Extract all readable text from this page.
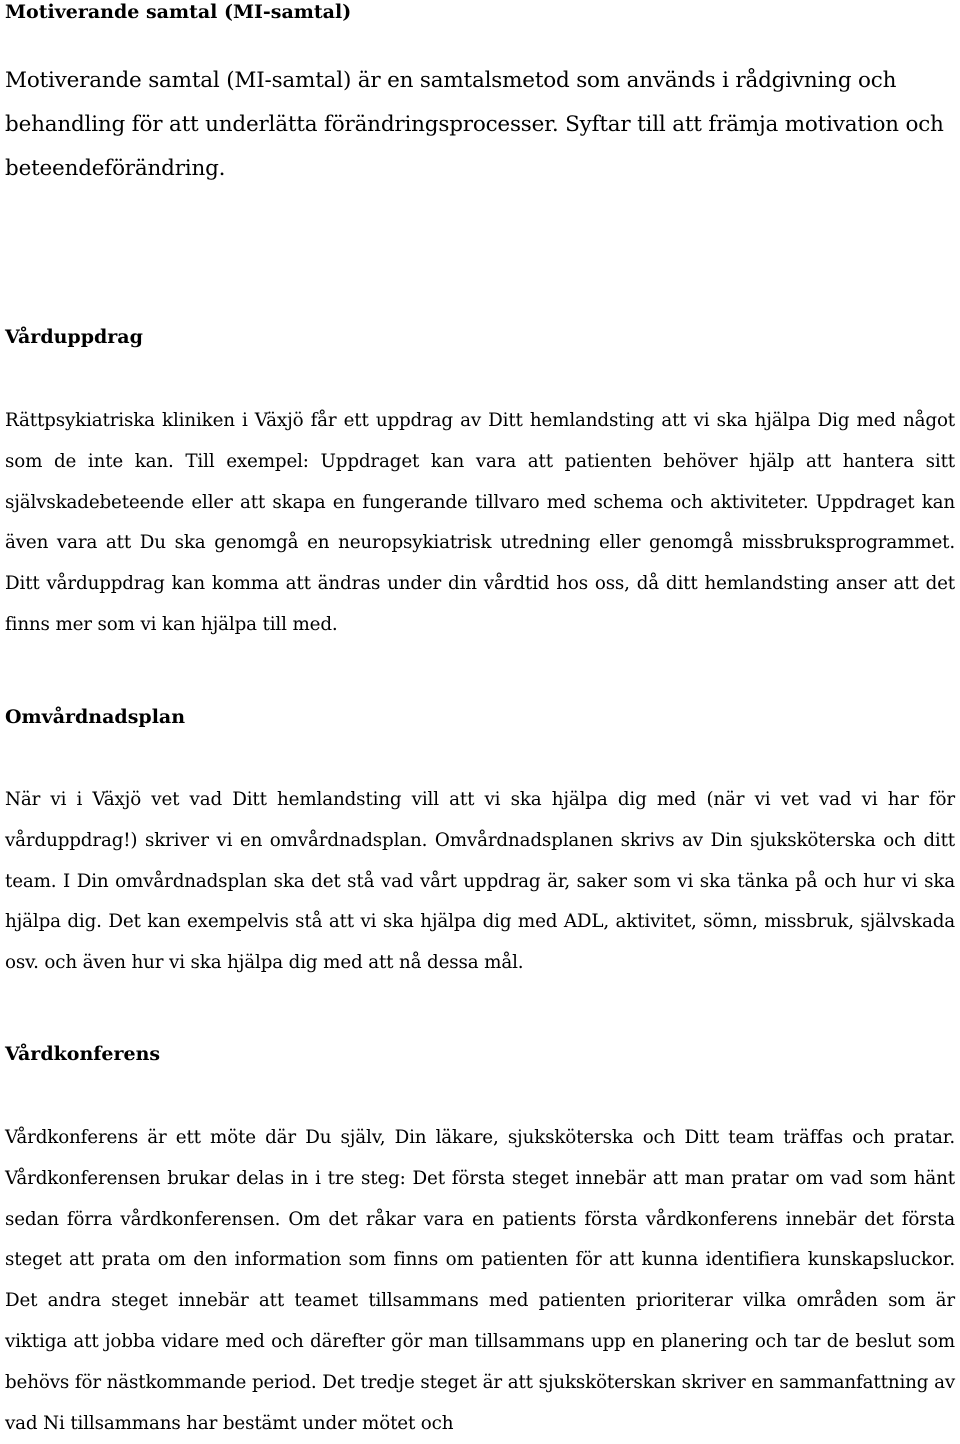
Motiverande samtal (MI-samtal)

Motiverande samtal (MI-samtal) är en samtalsmetod som används i rådgivning och behandling för att underlätta förändringsprocesser. Syftar till att främja motivation och beteendeförändring.

Vårduppdrag

Rättpsykiatriska kliniken i Växjö får ett uppdrag av Ditt hemlandsting att vi ska hjälpa Dig med något som de inte kan. Till exempel: Uppdraget kan vara att patienten behöver hjälp att hantera sitt självskadebeteende eller att skapa en fungerande tillvaro med schema och aktiviteter. Uppdraget kan även vara att Du ska genomgå en neuropsykiatrisk utredning eller genomgå missbruksprogrammet. Ditt vårduppdrag kan komma att ändras under din vårdtid hos oss, då ditt hemlandsting anser att det finns mer som vi kan hjälpa till med.

Omvårdnadsplan

När vi i Växjö vet vad Ditt hemlandsting vill att vi ska hjälpa dig med (när vi vet vad vi har för vårduppdrag!) skriver vi en omvårdnadsplan. Omvårdnadsplanen skrivs av Din sjuksköterska och ditt team. I Din omvårdnadsplan ska det stå vad vårt uppdrag är, saker som vi ska tänka på och hur vi ska hjälpa dig. Det kan exempelvis stå att vi ska hjälpa dig med ADL, aktivitet, sömn, missbruk, självskada osv. och även hur vi ska hjälpa dig med att nå dessa mål.

Vårdkonferens

Vårdkonferens är ett möte där Du själv, Din läkare, sjuksköterska och Ditt team träffas och pratar. Vårdkonferensen brukar delas in i tre steg: Det första steget innebär att man pratar om vad som hänt sedan förra vårdkonferensen. Om det råkar vara en patients första vårdkonferens innebär det första steget att prata om den information som finns om patienten för att kunna identifiera kunskapsluckor. Det andra steget innebär att teamet tillsammans med patienten prioriterar vilka områden som är viktiga att jobba vidare med och därefter gör man tillsammans upp en planering och tar de beslut som behövs för nästkommande period. Det tredje steget är att sjuksköterskan skriver en sammanfattning av vad Ni tillsammans har bestämt under mötet och
